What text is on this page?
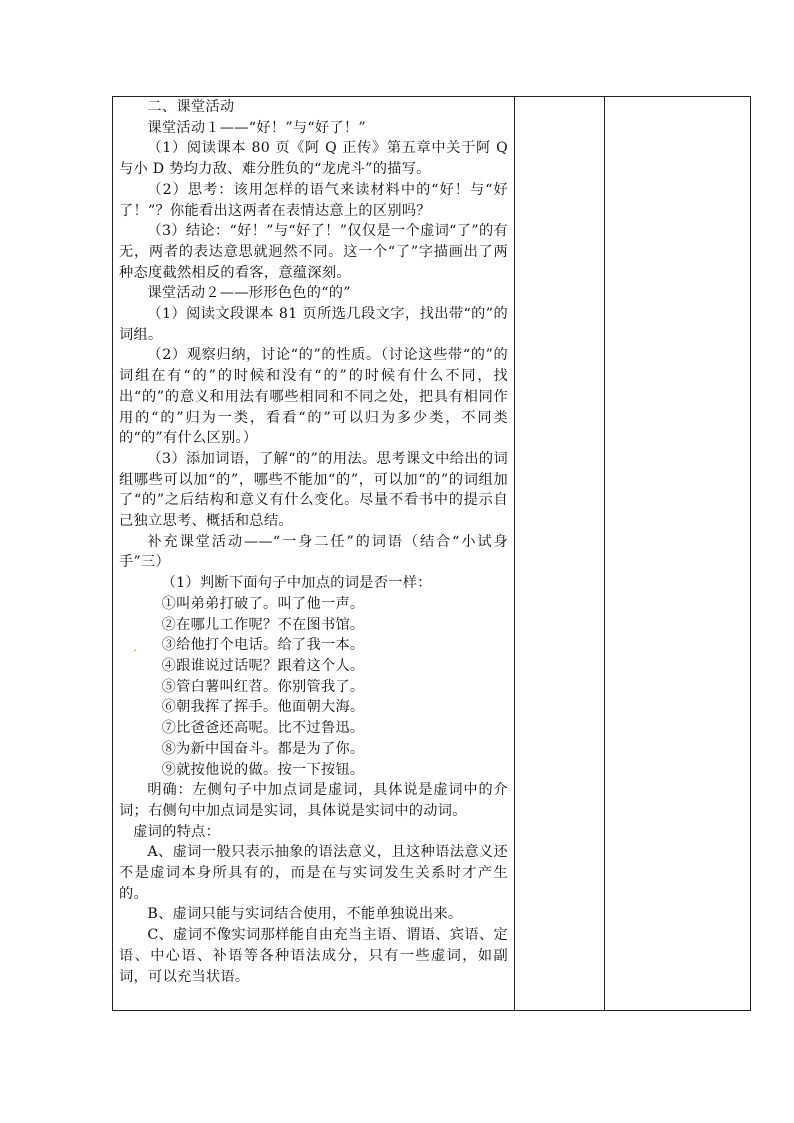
二、课堂活动

课堂活动１——“好！”与“好了！”

（1）阅读课本 80 页《阿 Q 正传》第五章中关于阿 Q 与小 D 势均力敌、难分胜负的“龙虎斗”的描写。

（2）思考：该用怎样的语气来读材料中的“好！与“好了！”？你能看出这两者在表情达意上的区别吗？

（3）结论：“好！”与“好了！”仅仅是一个虚词“了”的有无，两者的表达意思就迥然不同。这一个“了”字描画出了两种态度截然相反的看客，意蕴深刻。

课堂活动２——形形色色的“的”

（1）阅读文段课本 81 页所选几段文字，找出带“的”的词组。

（2）观察归纳，讨论“的”的性质。（讨论这些带“的”的词组在有“的”的时候和没有“的”的时候有什么不同，找出“的”的意义和用法有哪些相同和不同之处，把具有相同作用的“的”归为一类，看看“的”可以归为多少类，不同类的“的”有什么区别。）

（3）添加词语，了解“的”的用法。思考课文中给出的词组哪些可以加“的”，哪些不能加“的”，可以加“的”的词组加了“的”之后结构和意义有什么变化。尽量不看书中的提示自己独立思考、概括和总结。

补充课堂活动——“一身二任”的词语（结合“小试身手”三）

（1）判断下面句子中加点的词是否一样：

①叫弟弟打破了。叫了他一声。

②在哪儿工作呢？不在图书馆。

③给他打个电话。给了我一本。

④跟谁说过话呢？跟着这个人。

⑤管白薯叫红苕。你别管我了。

⑥朝我挥了挥手。他面朝大海。

⑦比爸爸还高呢。比不过鲁迅。

⑧为新中国奋斗。都是为了你。

⑨就按他说的做。按一下按钮。

明确：左侧句子中加点词是虚词，具体说是虚词中的介词；右侧句中加点词是实词，具体说是实词中的动词。

虚词的特点：

A、虚词一般只表示抽象的语法意义，且这种语法意义还不是虚词本身所具有的，而是在与实词发生关系时才产生的。

B、虚词只能与实词结合使用，不能单独说出来。

C、虚词不像实词那样能自由充当主语、谓语、宾语、定语、中心语、补语等各种语法成分，只有一些虚词，如副词，可以充当状语。

．
